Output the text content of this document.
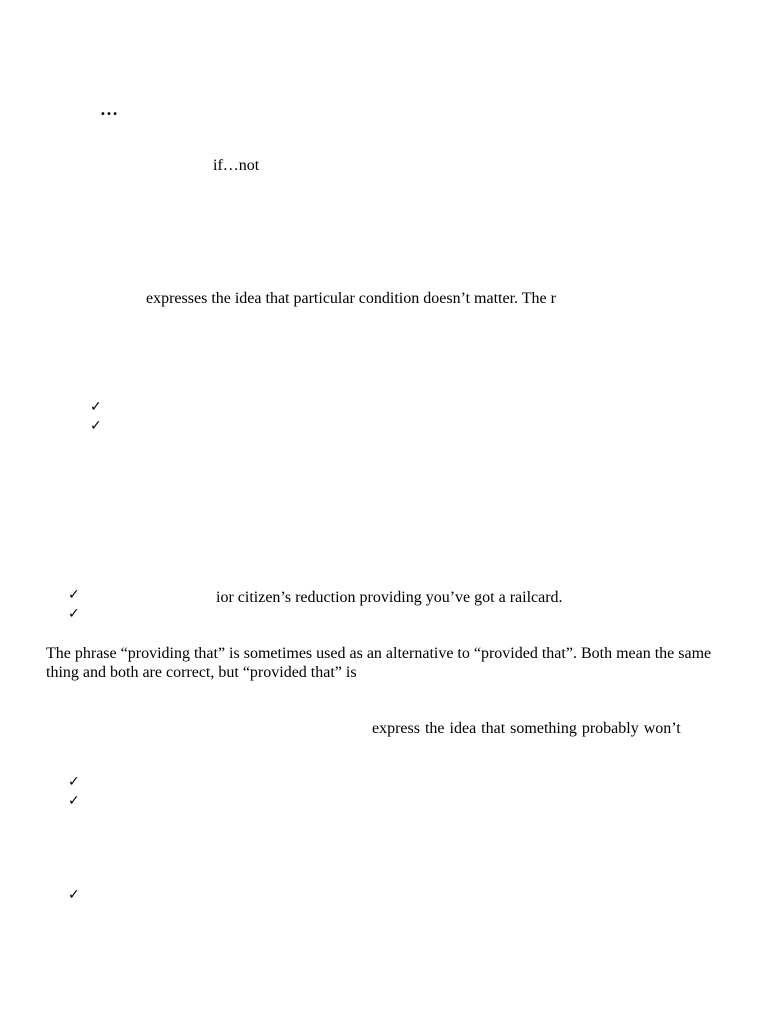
…

if…not

expresses the idea that particular condition doesn’t matter. The r

✓
✓
✓
✓

ior citizen’s reduction providing you’ve got a railcard.

The phrase “providing that” is sometimes used as an alternative to “provided that”. Both mean the same thing and both are correct, but “provided that” is

express the idea that something probably won’t

✓
✓
✓
